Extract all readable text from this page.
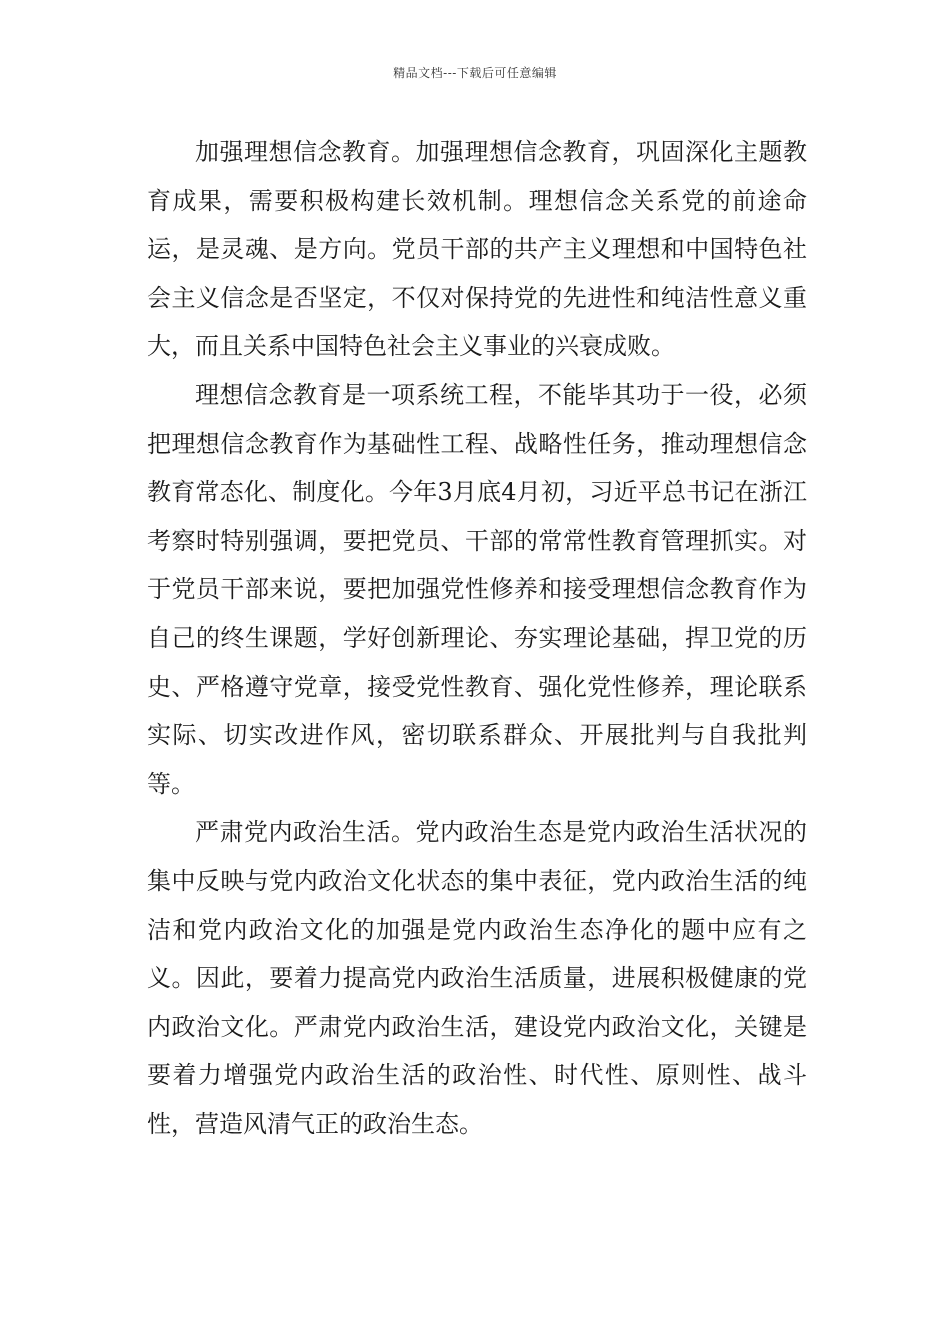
精品文档---下载后可任意编辑

加强理想信念教育。加强理想信念教育，巩固深化主题教育成果，需要积极构建长效机制。理想信念关系党的前途命运，是灵魂、是方向。党员干部的共产主义理想和中国特色社会主义信念是否坚定，不仅对保持党的先进性和纯洁性意义重大，而且关系中国特色社会主义事业的兴衰成败。

理想信念教育是一项系统工程，不能毕其功于一役，必须把理想信念教育作为基础性工程、战略性任务，推动理想信念教育常态化、制度化。今年3月底4月初，习近平总书记在浙江考察时特别强调，要把党员、干部的常常性教育管理抓实。对于党员干部来说，要把加强党性修养和接受理想信念教育作为自己的终生课题，学好创新理论、夯实理论基础，捍卫党的历史、严格遵守党章，接受党性教育、强化党性修养，理论联系实际、切实改进作风，密切联系群众、开展批判与自我批判等。

严肃党内政治生活。党内政治生态是党内政治生活状况的集中反映与党内政治文化状态的集中表征，党内政治生活的纯洁和党内政治文化的加强是党内政治生态净化的题中应有之义。因此，要着力提高党内政治生活质量，进展积极健康的党内政治文化。严肃党内政治生活，建设党内政治文化，关键是要着力增强党内政治生活的政治性、时代性、原则性、战斗性，营造风清气正的政治生态。
